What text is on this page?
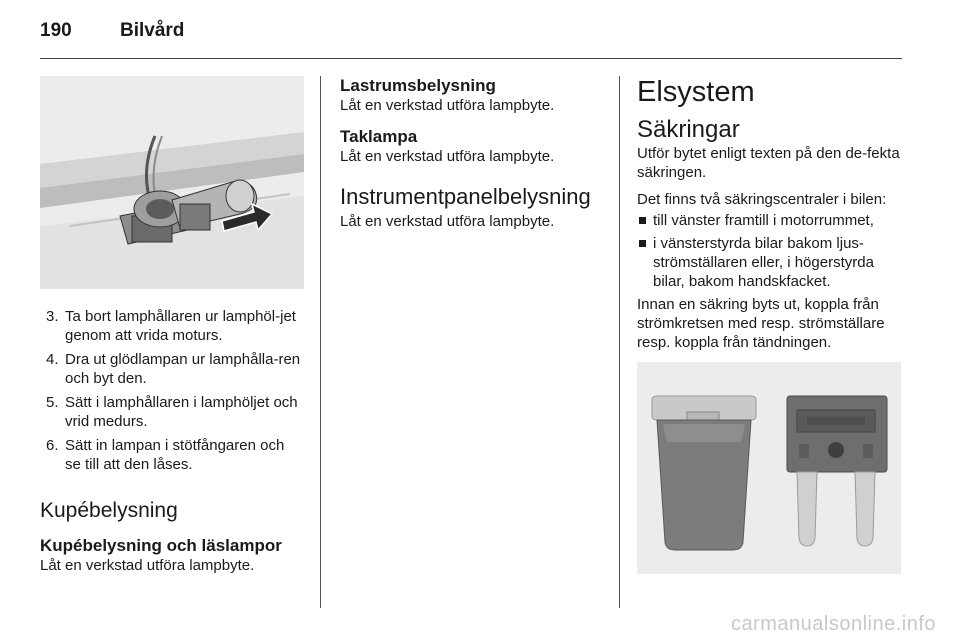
190	Bilvård
3. Ta bort lamphållaren ur lamphöl-jet genom att vrida moturs.
4. Dra ut glödlampan ur lamphålla-ren och byt den.
5. Sätt i lamphållaren i lamphöljet och vrid medurs.
6. Sätt in lampan i stötfångaren och se till att den låses.
Kupébelysning
Kupébelysning och läslampor

Låt en verkstad utföra lampbyte.

Lastrumsbelysning

Låt en verkstad utföra lampbyte.

Taklampa

Låt en verkstad utföra lampbyte.

Instrumentpanelbelysning

Låt en verkstad utföra lampbyte.

Elsystem
Säkringar

Utför bytet enligt texten på den de-fekta säkringen.

Det finns två säkringscentraler i bilen:

till vänster framtill i motorrummet,
i vänsterstyrda bilar bakom ljus-strömställaren eller, i högerstyrda bilar, bakom handskfacket.

Innan en säkring byts ut, koppla från strömkretsen med resp. strömställare resp. koppla från tändningen.

carmanualsonline.info
